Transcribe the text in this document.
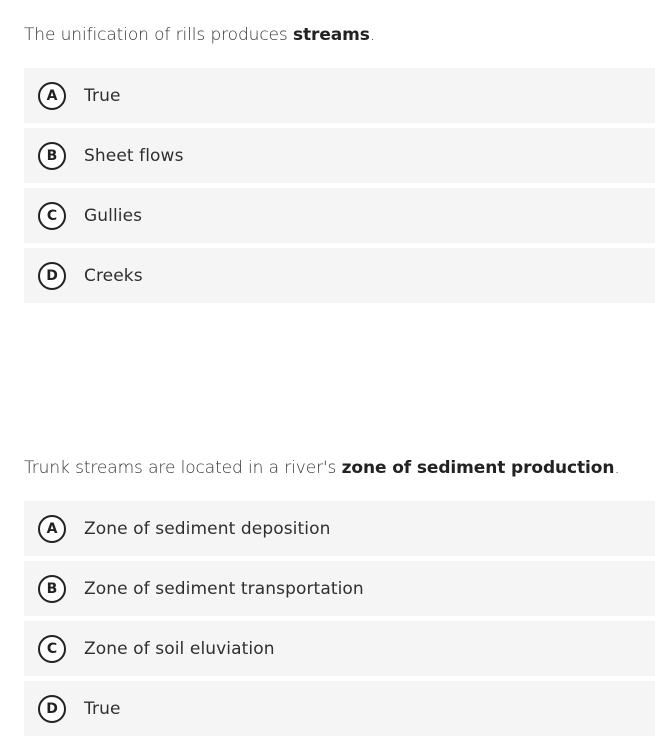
The unification of rills produces streams.

A	True
B	Sheet flows
C	Gullies
D	Creeks

Trunk streams are located in a river's zone of sediment production.

A	Zone of sediment deposition
B	Zone of sediment transportation
C	Zone of soil eluviation
D	True
